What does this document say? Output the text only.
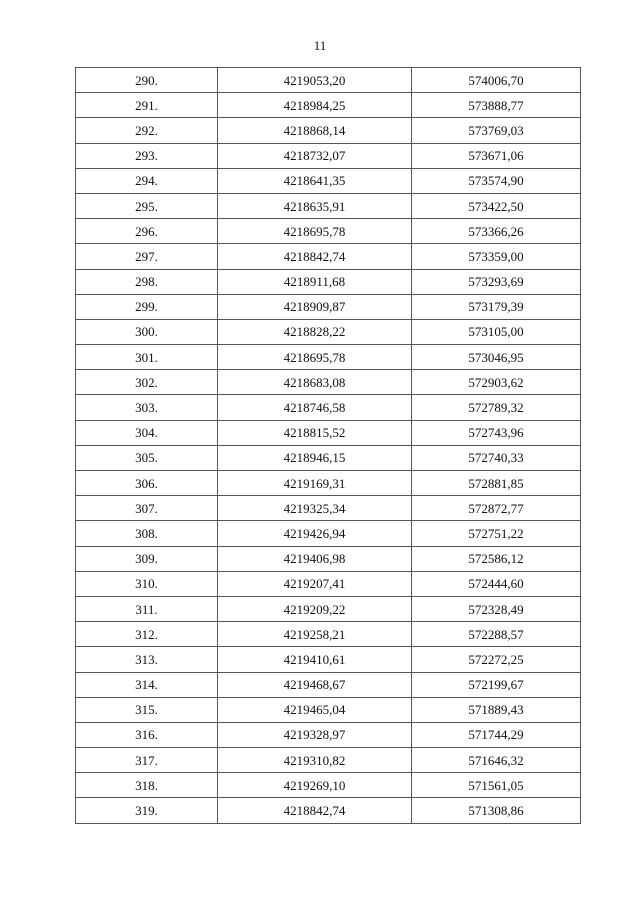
11
290.	4219053,20	574006,70
291.	4218984,25	573888,77
292.	4218868,14	573769,03
293.	4218732,07	573671,06
294.	4218641,35	573574,90
295.	4218635,91	573422,50
296.	4218695,78	573366,26
297.	4218842,74	573359,00
298.	4218911,68	573293,69
299.	4218909,87	573179,39
300.	4218828,22	573105,00
301.	4218695,78	573046,95
302.	4218683,08	572903,62
303.	4218746,58	572789,32
304.	4218815,52	572743,96
305.	4218946,15	572740,33
306.	4219169,31	572881,85
307.	4219325,34	572872,77
308.	4219426,94	572751,22
309.	4219406,98	572586,12
310.	4219207,41	572444,60
311.	4219209,22	572328,49
312.	4219258,21	572288,57
313.	4219410,61	572272,25
314.	4219468,67	572199,67
315.	4219465,04	571889,43
316.	4219328,97	571744,29
317.	4219310,82	571646,32
318.	4219269,10	571561,05
319.	4218842,74	571308,86
